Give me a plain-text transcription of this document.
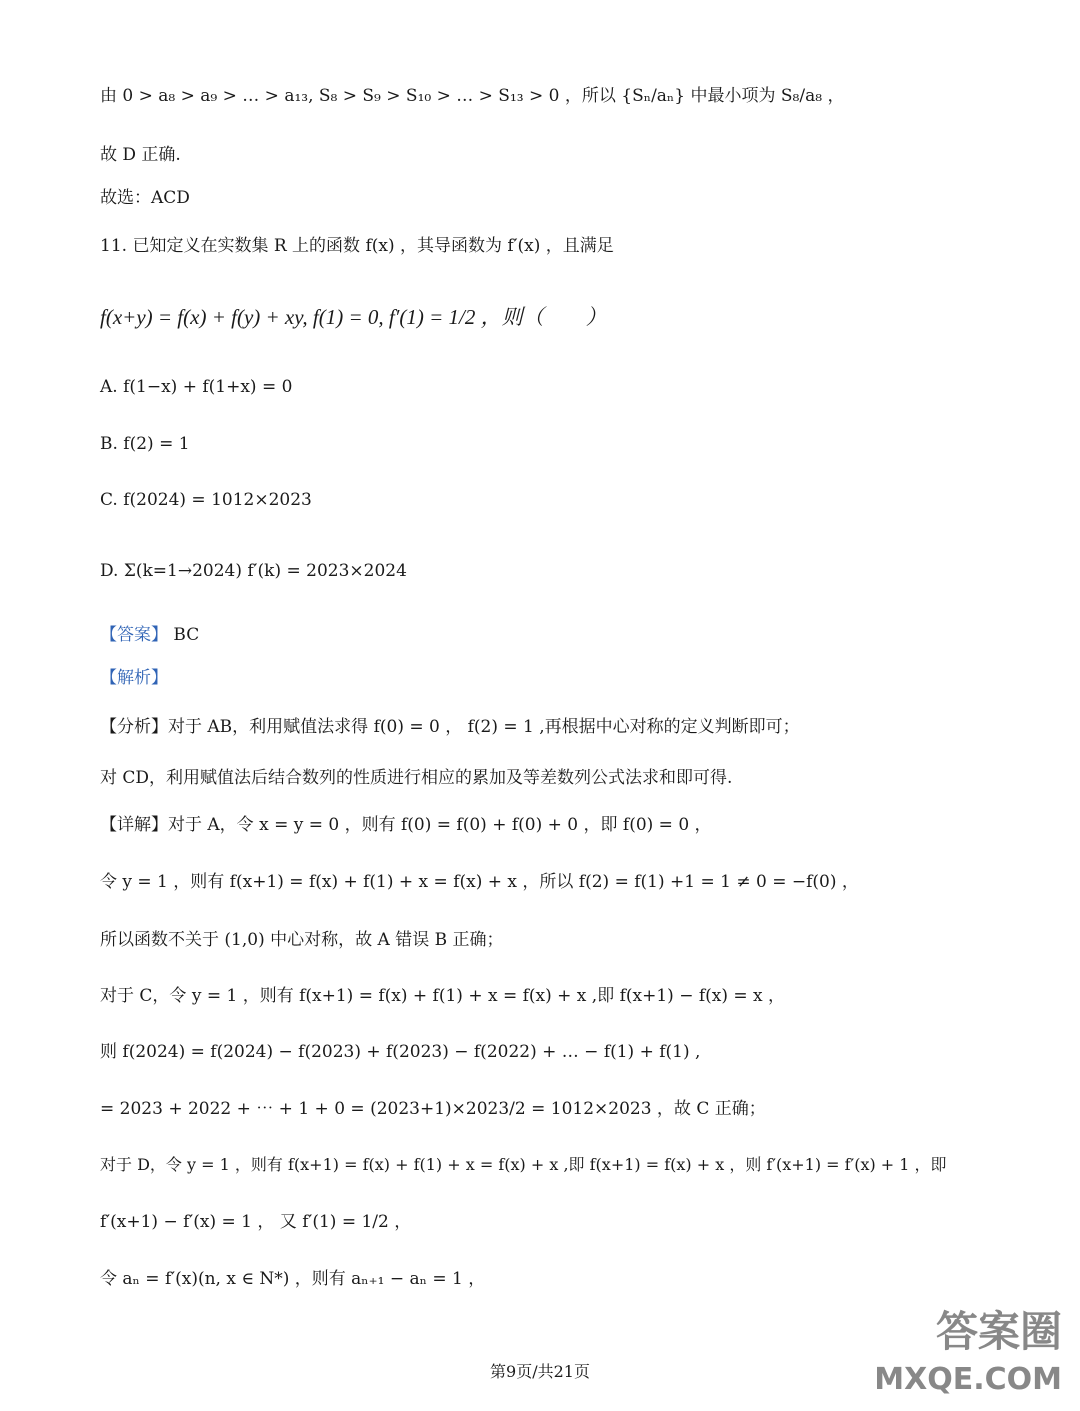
由 0 > a₈ > a₉ > … > a₁₃, S₈ > S₉ > S₁₀ > … > S₁₃ > 0 ，所以 {Sₙ/aₙ} 中最小项为 S₈/a₈ ，
故 D 正确.
故选：ACD
11. 已知定义在实数集 R 上的函数 f(x) ，其导函数为 f′(x) ，且满足
f(x+y) = f(x) + f(y) + xy, f(1) = 0, f′(1) = 1/2 ，则（　　）
A. f(1−x) + f(1+x) = 0
B. f(2) = 1
C. f(2024) = 1012×2023
D. Σ(k=1→2024) f′(k) = 2023×2024
【答案】 BC
【解析】
【分析】对于 AB，利用赋值法求得 f(0) = 0 ， f(2) = 1 ,再根据中心对称的定义判断即可；
对 CD，利用赋值法后结合数列的性质进行相应的累加及等差数列公式法求和即可得.
【详解】对于 A，令 x = y = 0 ，则有 f(0) = f(0) + f(0) + 0 ，即 f(0) = 0 ，
令 y = 1 ，则有 f(x+1) = f(x) + f(1) + x = f(x) + x ，所以 f(2) = f(1) +1 = 1 ≠ 0 = −f(0) ，
所以函数不关于 (1,0) 中心对称，故 A 错误 B 正确；
对于 C，令 y = 1 ，则有 f(x+1) = f(x) + f(1) + x = f(x) + x ,即 f(x+1) − f(x) = x ，
则 f(2024) = f(2024) − f(2023) + f(2023) − f(2022) + … − f(1) + f(1) ,
= 2023 + 2022 + ⋯ + 1 + 0 = (2023+1)×2023/2 = 1012×2023 ，故 C 正确；
对于 D，令 y = 1 ，则有 f(x+1) = f(x) + f(1) + x = f(x) + x ,即 f(x+1) = f(x) + x ，则 f′(x+1) = f′(x) + 1 ，即
f′(x+1) − f′(x) = 1 ， 又 f′(1) = 1/2 ，
令 aₙ = f′(x)(n, x ∈ N*) ，则有 aₙ₊₁ − aₙ = 1 ，
第9页/共21页
答案圈
MXQE.COM
